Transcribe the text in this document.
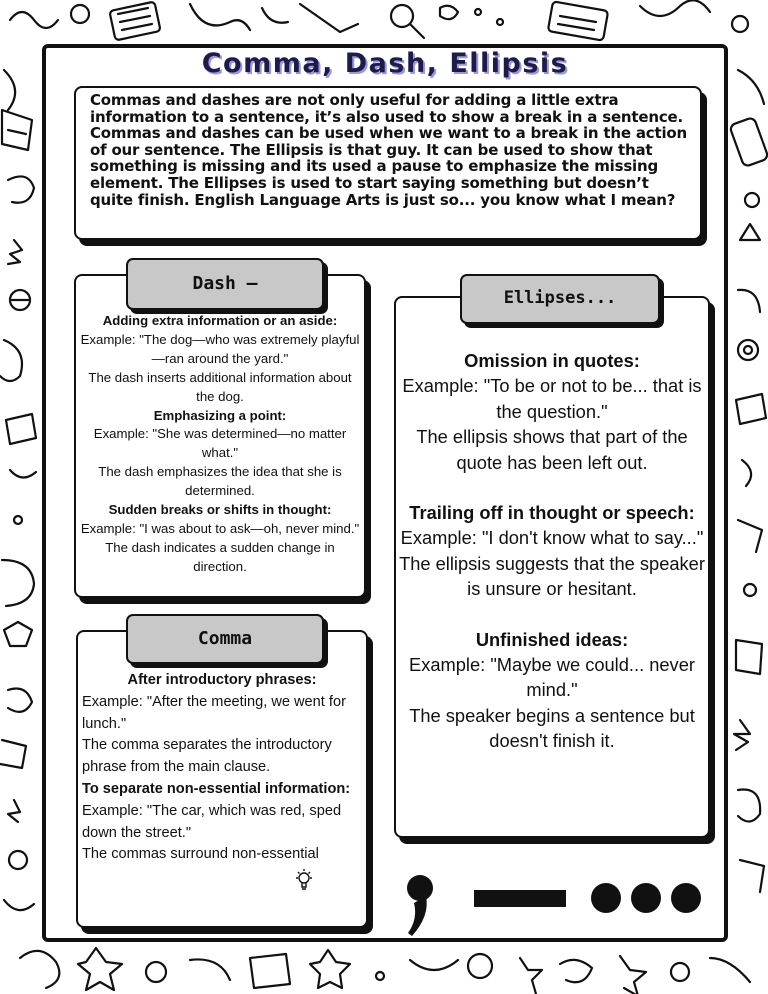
Comma, Dash, Ellipsis
Commas and dashes are not only useful for adding a little extra information to a sentence, it’s also used to show a break in a sentence. Commas and dashes can be used when we want to a break in the action of our sentence. The Ellipsis is that guy. It can be used to show that something is missing and its used a pause to emphasize the missing element. The Ellipses is used to start saying something but doesn’t quite finish. English Language Arts is just so... you know what I mean?
Dash –
Adding extra information or an aside:
Example: "The dog—who was extremely playful—ran around the yard."
The dash inserts additional information about the dog.
Emphasizing a point:
Example: "She was determined—no matter what."
The dash emphasizes the idea that she is determined.
Sudden breaks or shifts in thought:
Example: "I was about to ask—oh, never mind."
The dash indicates a sudden change in direction.
Comma
After introductory phrases:
Example: "After the meeting, we went for lunch."
The comma separates the introductory phrase from the main clause.
To separate non-essential information:
Example: "The car, which was red, sped down the street."
The commas surround non-essential
Ellipses...
Omission in quotes:
Example: "To be or not to be... that is the question."
The ellipsis shows that part of the quote has been left out.
Trailing off in thought or speech:
Example: "I don't know what to say..."
The ellipsis suggests that the speaker is unsure or hesitant.
Unfinished ideas:
Example: "Maybe we could... never mind."
The speaker begins a sentence but doesn't finish it.
